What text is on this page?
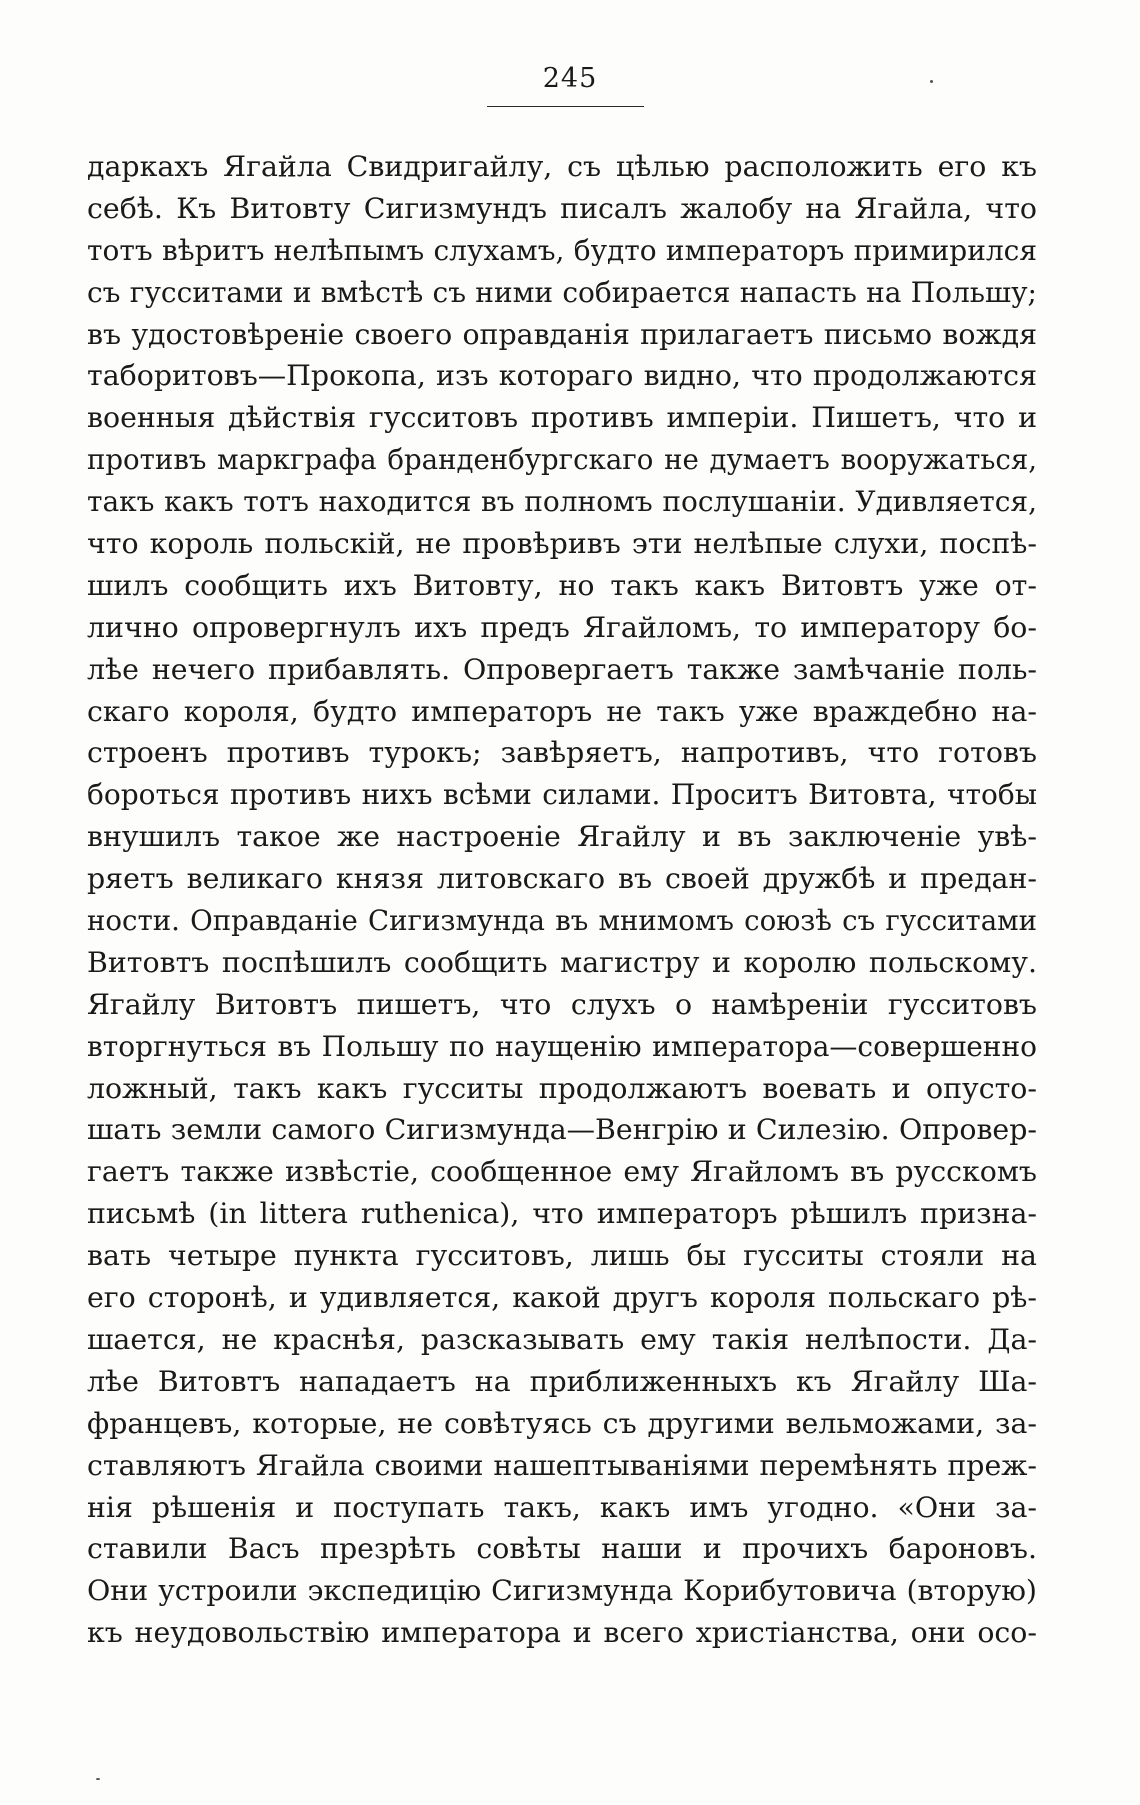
245
даркахъ Ягайла Свидригайлу, съ цѣлью расположить его къ
себѣ. Къ Витовту Сигизмундъ писалъ жалобу на Ягайла, что
тотъ вѣритъ нелѣпымъ слухамъ, будто императоръ примирился
съ гусситами и вмѣстѣ съ ними собирается напасть на Польшу;
въ удостовѣреніе своего оправданія прилагаетъ письмо вождя
таборитовъ—Прокопа, изъ котораго видно, что продолжаются
военныя дѣйствія гусситовъ противъ имперіи. Пишетъ, что и
противъ маркграфа бранденбургскаго не думаетъ вооружаться,
такъ какъ тотъ находится въ полномъ послушаніи. Удивляется,
что король польскій, не провѣривъ эти нелѣпые слухи, поспѣ-
шилъ сообщить ихъ Витовту, но такъ какъ Витовтъ уже от-
лично опровергнулъ ихъ предъ Ягайломъ, то императору бо-
лѣе нечего прибавлять. Опровергаетъ также замѣчаніе поль-
скаго короля, будто императоръ не такъ уже враждебно на-
строенъ противъ турокъ; завѣряетъ, напротивъ, что готовъ
бороться противъ нихъ всѣми силами. Проситъ Витовта, чтобы
внушилъ такое же настроеніе Ягайлу и въ заключеніе увѣ-
ряетъ великаго князя литовскаго въ своей дружбѣ и предан-
ности. Оправданіе Сигизмунда въ мнимомъ союзѣ съ гусситами
Витовтъ поспѣшилъ сообщить магистру и королю польскому.
Ягайлу Витовтъ пишетъ, что слухъ о намѣреніи гусситовъ
вторгнуться въ Польшу по наущенію императора—совершенно
ложный, такъ какъ гусситы продолжаютъ воевать и опусто-
шать земли самого Сигизмунда—Венгрію и Силезію. Опровер-
гаетъ также извѣстіе, сообщенное ему Ягайломъ въ русскомъ
письмѣ (in littera ruthenica), что императоръ рѣшилъ призна-
вать четыре пункта гусситовъ, лишь бы гусситы стояли на
его сторонѣ, и удивляется, какой другъ короля польскаго рѣ-
шается, не краснѣя, разсказывать ему такія нелѣпости. Да-
лѣе Витовтъ нападаетъ на приближенныхъ къ Ягайлу Ша-
францевъ, которые, не совѣтуясь съ другими вельможами, за-
ставляютъ Ягайла своими нашептываніями перемѣнять преж-
нія рѣшенія и поступать такъ, какъ имъ угодно. «Они за-
ставили Васъ презрѣть совѣты наши и прочихъ бароновъ.
Они устроили экспедицію Сигизмунда Корибутовича (вторую)
къ неудовольствію императора и всего христіанства, они осо-
